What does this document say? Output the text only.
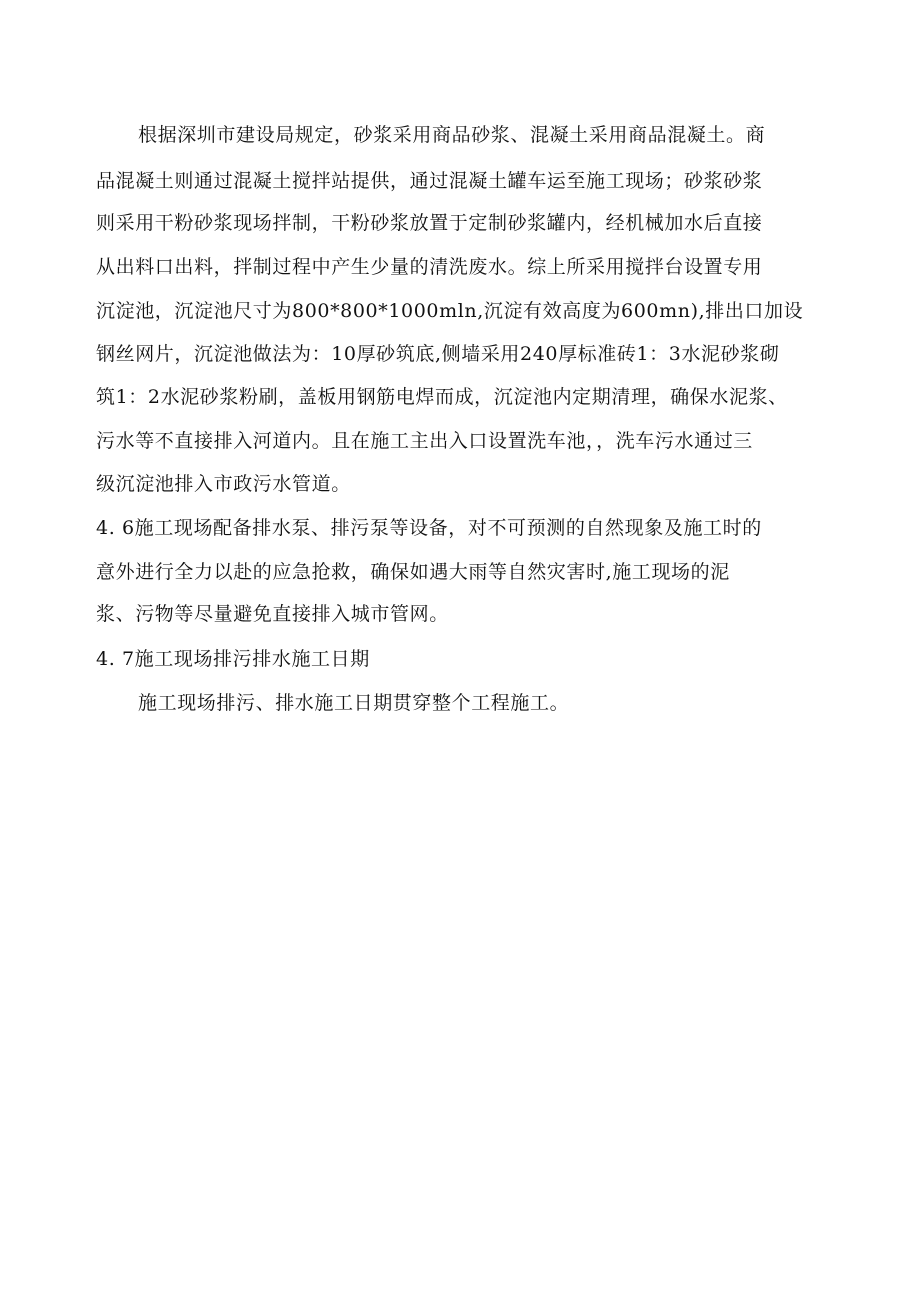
根据深圳市建设局规定，砂浆采用商品砂浆、混凝土采用商品混凝土。商
品混凝土则通过混凝土搅拌站提供，通过混凝土罐车运至施工现场；砂浆砂浆
则采用干粉砂浆现场拌制，干粉砂浆放置于定制砂浆罐内，经机械加水后直接
从出料口出料，拌制过程中产生少量的清洗废水。综上所采用搅拌台设置专用
沉淀池，沉淀池尺寸为800*800*1000mln,沉淀有效高度为600mn),排出口加设
钢丝网片，沉淀池做法为：10厚砂筑底,侧墙采用240厚标准砖1：3水泥砂浆砌
筑1：2水泥砂浆粉刷，盖板用钢筋电焊而成，沉淀池内定期清理，确保水泥浆、
污水等不直接排入河道内。且在施工主出入口设置洗车池，，洗车污水通过三
级沉淀池排入市政污水管道。
4. 6施工现场配备排水泵、排污泵等设备，对不可预测的自然现象及施工时的
意外进行全力以赴的应急抢救，确保如遇大雨等自然灾害时,施工现场的泥
浆、污物等尽量避免直接排入城市管网。
4. 7施工现场排污排水施工日期
施工现场排污、排水施工日期贯穿整个工程施工。
